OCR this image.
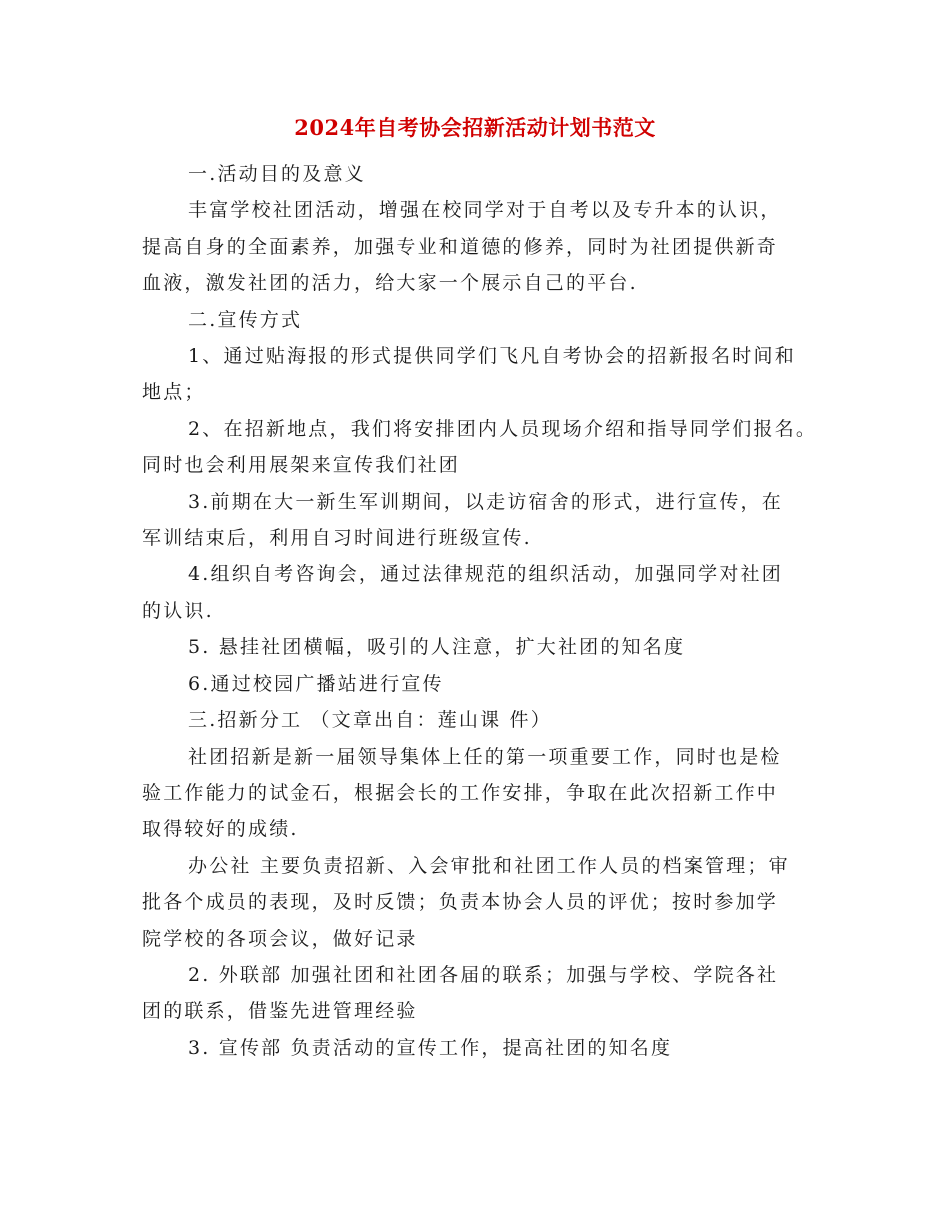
2024年自考协会招新活动计划书范文
一.活动目的及意义
丰富学校社团活动，增强在校同学对于自考以及专升本的认识，
提高自身的全面素养，加强专业和道德的修养，同时为社团提供新奇
血液，激发社团的活力，给大家一个展示自己的平台.
二.宣传方式
1、通过贴海报的形式提供同学们飞凡自考协会的招新报名时间和
地点；
2、在招新地点，我们将安排团内人员现场介绍和指导同学们报名。
同时也会利用展架来宣传我们社团
3.前期在大一新生军训期间，以走访宿舍的形式，进行宣传，在
军训结束后，利用自习时间进行班级宣传.
4.组织自考咨询会，通过法律规范的组织活动，加强同学对社团
的认识.
5. 悬挂社团横幅，吸引的人注意，扩大社团的知名度
6.通过校园广播站进行宣传
三.招新分工 （文章出自：莲山课 件）
社团招新是新一届领导集体上任的第一项重要工作，同时也是检
验工作能力的试金石，根据会长的工作安排，争取在此次招新工作中
取得较好的成绩.
办公社 主要负责招新、入会审批和社团工作人员的档案管理；审
批各个成员的表现，及时反馈；负责本协会人员的评优；按时参加学
院学校的各项会议，做好记录
2. 外联部 加强社团和社团各届的联系；加强与学校、学院各社
团的联系，借鉴先进管理经验
3. 宣传部 负责活动的宣传工作，提高社团的知名度
